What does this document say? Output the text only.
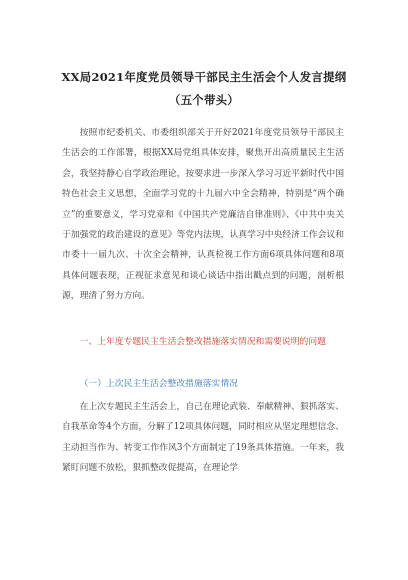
XX局2021年度党员领导干部民主生活会个人发言提纲（五个带头）

按照市纪委机关、市委组织部关于开好2021年度党员领导干部民主生活会的工作部署，根据XX局党组具体安排，聚焦开出高质量民主生活会，我坚持静心自学政治理论，按要求进一步深入学习习近平新时代中国特色社会主义思想，全面学习党的十九届六中全会精神，特别是“两个确立”的重要意义，学习党章和《中国共产党廉洁自律准则》、《中共中央关于加强党的政治建设的意见》等党内法规，认真学习中央经济工作会议和市委十一届九次、十次全会精神，认真检视工作方面6项具体问题和8项具体问题表现，正视征求意见和谈心谈话中指出戳点到的问题，剖析根源，理清了努力方向。

一、上年度专题民主生活会整改措施落实情况和需要说明的问题

（一）上次民主生活会整改措施落实情况

在上次专题民主生活会上，自己在理论武装、奉献精神、狠抓落实、自我革命等4个方面，分解了12项具体问题，同时相应从坚定理想信念、主动担当作为、转变工作作风3个方面制定了19条具体措施。一年来，我紧盯问题不放松，狠抓整改促提高，在理论学
